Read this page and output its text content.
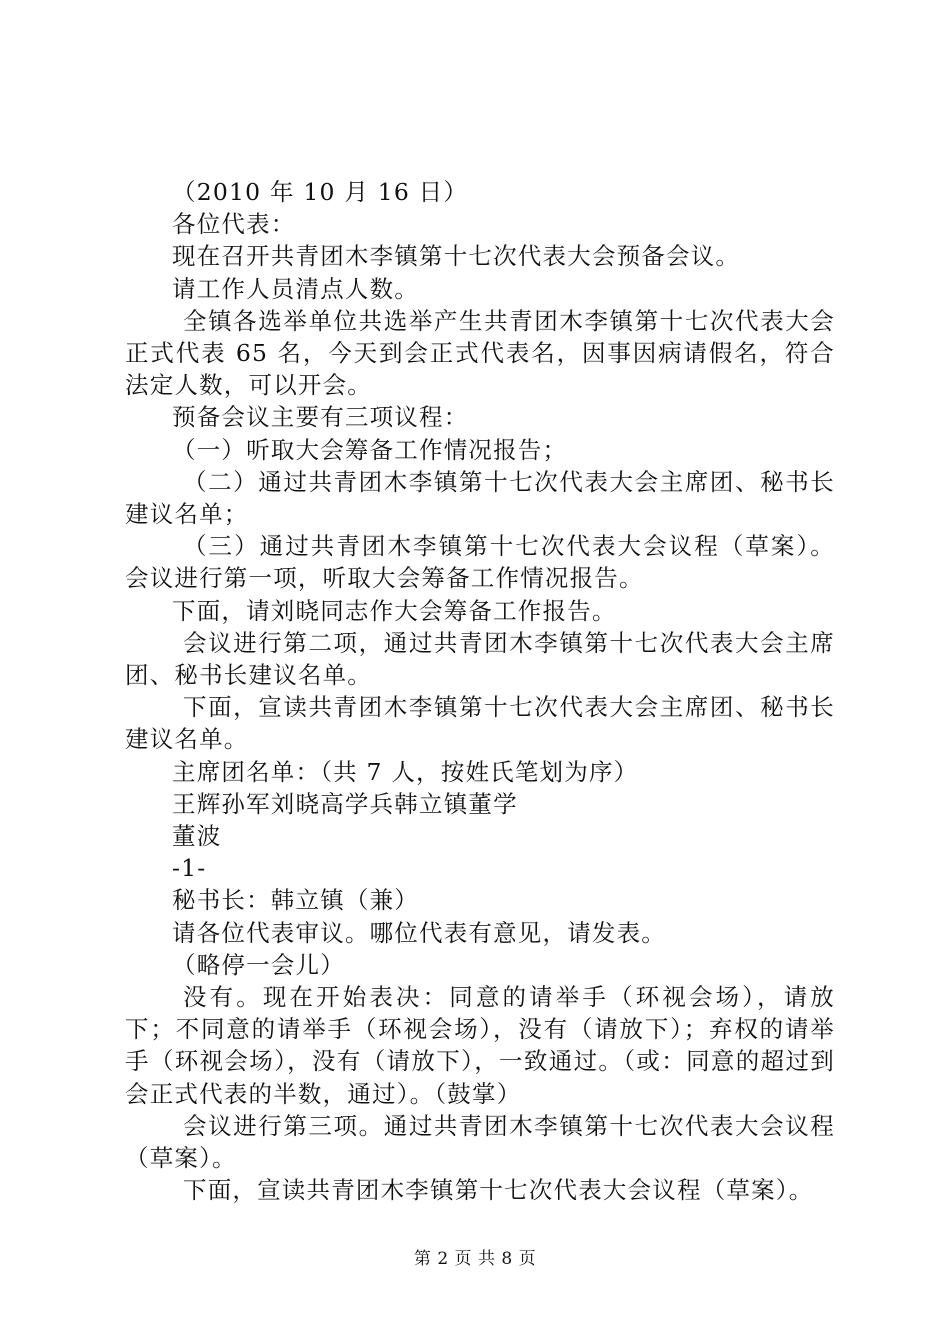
（2010 年 10 月 16 日）

各位代表：

现在召开共青团木李镇第十七次代表大会预备会议。

请工作人员清点人数。

全镇各选举单位共选举产生共青团木李镇第十七次代表大会正式代表 65 名，今天到会正式代表名，因事因病请假名，符合法定人数，可以开会。

预备会议主要有三项议程：

（一）听取大会筹备工作情况报告；

（二）通过共青团木李镇第十七次代表大会主席团、秘书长建议名单；

（三）通过共青团木李镇第十七次代表大会议程（草案）。会议进行第一项，听取大会筹备工作情况报告。

下面，请刘晓同志作大会筹备工作报告。

会议进行第二项，通过共青团木李镇第十七次代表大会主席团、秘书长建议名单。

下面，宣读共青团木李镇第十七次代表大会主席团、秘书长建议名单。

主席团名单：（共 7 人，按姓氏笔划为序）

王辉孙军刘晓高学兵韩立镇董学

董波

-1-

秘书长：韩立镇（兼）

请各位代表审议。哪位代表有意见，请发表。

（略停一会儿）

没有。现在开始表决：同意的请举手（环视会场），请放下；不同意的请举手（环视会场），没有（请放下）；弃权的请举手（环视会场），没有（请放下），一致通过。（或：同意的超过到会正式代表的半数，通过）。（鼓掌）

会议进行第三项。通过共青团木李镇第十七次代表大会议程（草案）。

下面，宣读共青团木李镇第十七次代表大会议程（草案）。

第 2 页 共 8 页
